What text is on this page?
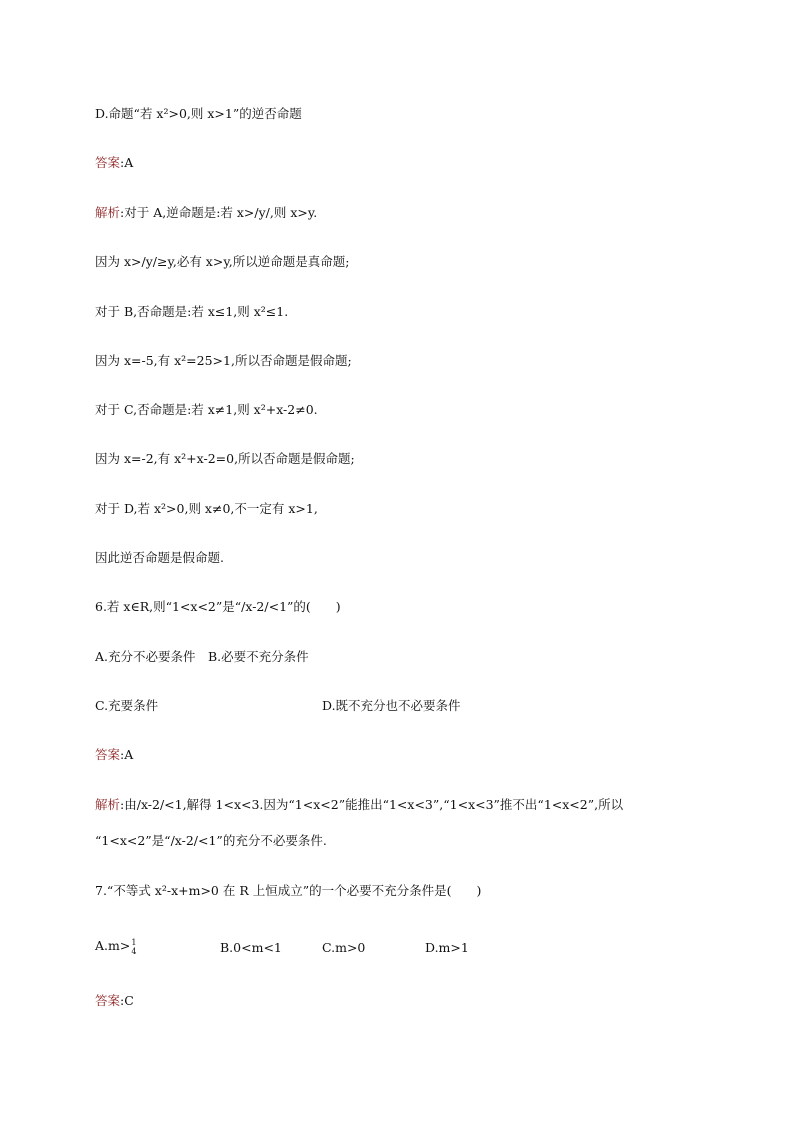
D.命题“若 x²>0,则 x>1”的逆否命题
答案:A
解析:对于 A,逆命题是:若 x>/y/,则 x>y.
因为 x>/y/≥y,必有 x>y,所以逆命题是真命题;
对于 B,否命题是:若 x≤1,则 x²≤1.
因为 x=-5,有 x²=25>1,所以否命题是假命题;
对于 C,否命题是:若 x≠1,则 x²+x-2≠0.
因为 x=-2,有 x²+x-2=0,所以否命题是假命题;
对于 D,若 x²>0,则 x≠0,不一定有 x>1,
因此逆否命题是假命题.
6.若 x∈R,则“1<x<2”是“/x-2/<1”的(　　)
A.充分不必要条件　B.必要不充分条件
C.充要条件	D.既不充分也不必要条件
答案:A
解析:由/x-2/<1,解得 1<x<3.因为“1<x<2”能推出“1<x<3”,“1<x<3”推不出“1<x<2”,所以
“1<x<2”是“/x-2/<1”的充分不必要条件.
7.“不等式 x²-x+m>0 在 R 上恒成立”的一个必要不充分条件是(　　)
A.m> 1
4	B.0<m<1	C.m>0	D.m>1
答案:C
